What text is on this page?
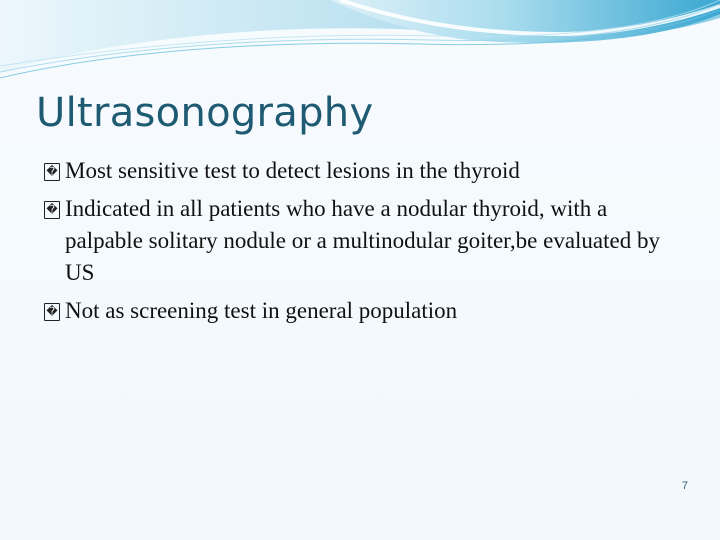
Ultrasonography
� Most sensitive test to detect lesions in the thyroid
� Indicated in all patients who have a nodular thyroid, with a palpable solitary nodule or a multinodular goiter,be evaluated by US
� Not as screening test in general population
7
